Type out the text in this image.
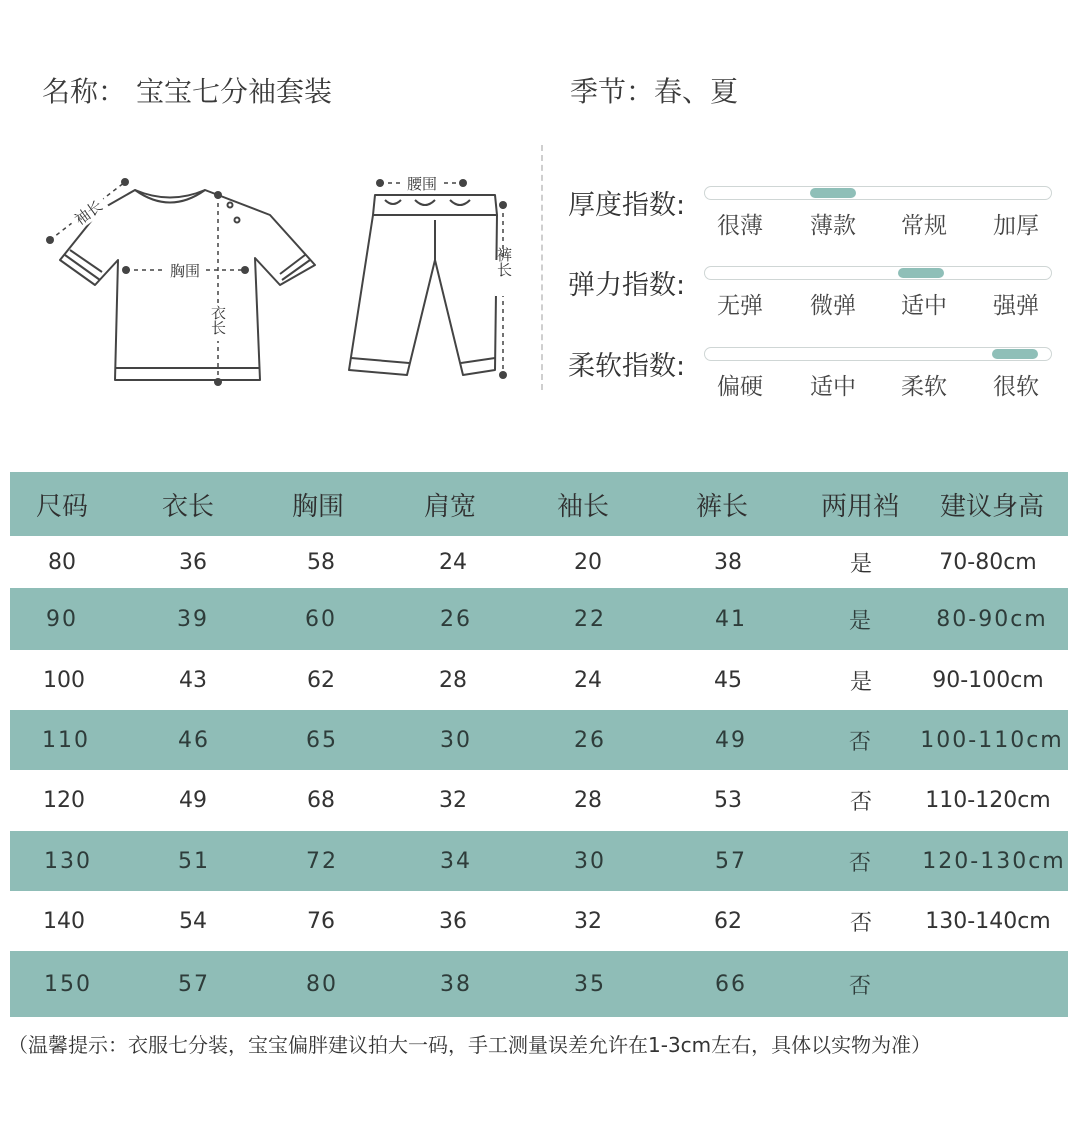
名称： 宝宝七分袖套装	季节：春、夏
袖长
胸围
衣长
腰围
裤长
厚度指数:
很薄 薄款 常规 加厚
弹力指数:
无弹 微弹 适中 强弹
柔软指数:
偏硬 适中 柔软 很软
尺码	衣长	胸围	肩宽	袖长	裤长	两用裆 建议身高
80	36	58	24	20	38	是	70-80cm
90	39	60	26	22	41	是	80-90cm
100	43	62	28	24	45	是	90-100cm
110	46	65	30	26	49	否 100-110cm
120	49	68	32	28	53	否 110-120cm
130	51	72	34	30	57	否 120-130cm
140	54	76	36	32	62	否 130-140cm
150	57	80	38	35	66	否
（温馨提示：衣服七分装，宝宝偏胖建议拍大一码，手工测量误差允许在1-3cm左右，具体以实物为准）
